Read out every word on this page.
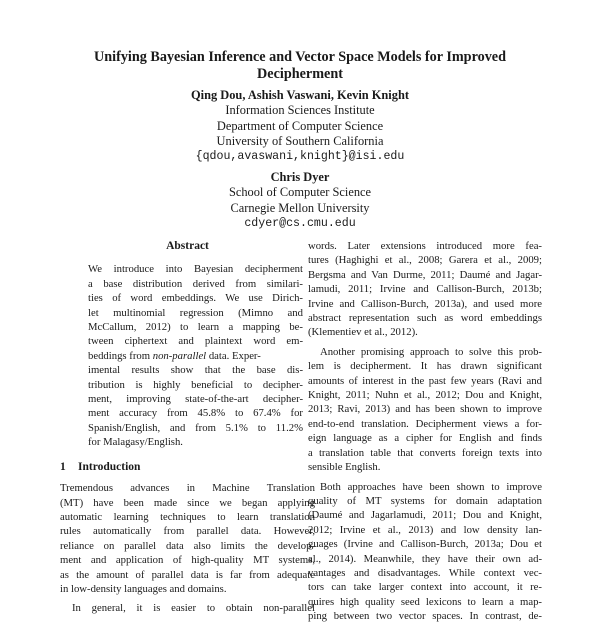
Unifying Bayesian Inference and Vector Space Models for Improved
Decipherment
Qing Dou, Ashish Vaswani, Kevin Knight
Information Sciences Institute
Department of Computer Science
University of Southern California
{qdou,avaswani,knight}@isi.edu
Chris Dyer
School of Computer Science
Carnegie Mellon University
cdyer@cs.cmu.edu
Abstract
We introduce into Bayesian decipherment
a base distribution derived from similari-
ties of word embeddings. We use Dirich-
let multinomial regression (Mimno and
McCallum, 2012) to learn a mapping be-
tween ciphertext and plaintext word em-
beddings from non-parallel data. Exper-
imental results show that the base dis-
tribution is highly beneficial to decipher-
ment, improving state-of-the-art decipher-
ment accuracy from 45.8% to 67.4% for
Spanish/English, and from 5.1% to 11.2%
for Malagasy/English.
1 Introduction

Tremendous advances in Machine Translation
(MT) have been made since we began applying
automatic learning techniques to learn translation
rules automatically from parallel data. However,
reliance on parallel data also limits the develop-
ment and application of high-quality MT systems,
as the amount of parallel data is far from adequate
in low-density languages and domains.

In general, it is easier to obtain non-parallel

words. Later extensions introduced more fea-
tures (Haghighi et al., 2008; Garera et al., 2009;
Bergsma and Van Durme, 2011; Daumé and Jagar-
lamudi, 2011; Irvine and Callison-Burch, 2013b;
Irvine and Callison-Burch, 2013a), and used more
abstract representation such as word embeddings
(Klementiev et al., 2012).

Another promising approach to solve this prob-
lem is decipherment. It has drawn significant
amounts of interest in the past few years (Ravi and
Knight, 2011; Nuhn et al., 2012; Dou and Knight,
2013; Ravi, 2013) and has been shown to improve
end-to-end translation. Decipherment views a for-
eign language as a cipher for English and finds
a translation table that converts foreign texts into
sensible English.

Both approaches have been shown to improve
quality of MT systems for domain adaptation
(Daumé and Jagarlamudi, 2011; Dou and Knight,
2012; Irvine et al., 2013) and low density lan-
guages (Irvine and Callison-Burch, 2013a; Dou et
al., 2014). Meanwhile, they have their own ad-
vantages and disadvantages. While context vec-
tors can take larger context into account, it re-
quires high quality seed lexicons to learn a map-
ping between two vector spaces. In contrast, de-
